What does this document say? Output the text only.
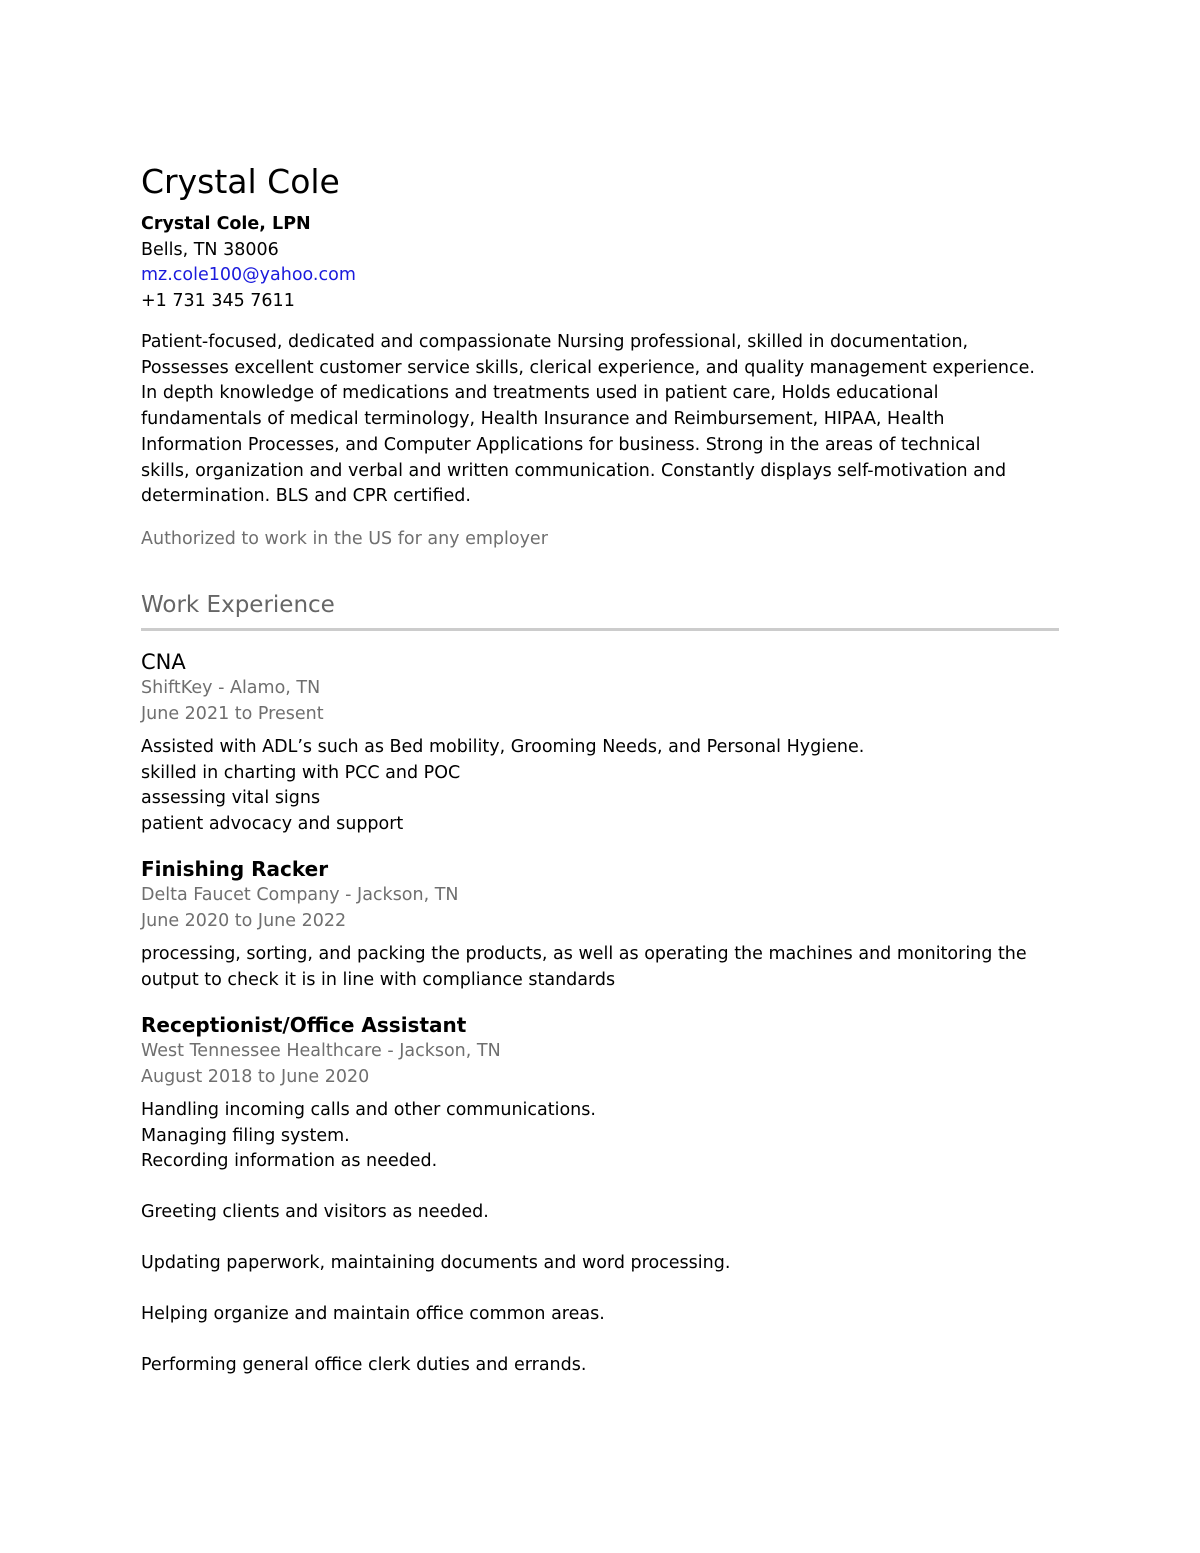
Crystal Cole
Crystal Cole, LPN
Bells, TN 38006
mz.cole100@yahoo.com
+1 731 345 7611
Patient-focused, dedicated and compassionate Nursing professional, skilled in documentation,
Possesses excellent customer service skills, clerical experience, and quality management experience.
In depth knowledge of medications and treatments used in patient care, Holds educational
fundamentals of medical terminology, Health Insurance and Reimbursement, HIPAA, Health
Information Processes, and Computer Applications for business. Strong in the areas of technical
skills, organization and verbal and written communication. Constantly displays self-motivation and
determination. BLS and CPR certified.
Authorized to work in the US for any employer
Work Experience
CNA
ShiftKey - Alamo, TN
June 2021 to Present
Assisted with ADL’s such as Bed mobility, Grooming Needs, and Personal Hygiene.
skilled in charting with PCC and POC
assessing vital signs
patient advocacy and support
Finishing Racker
Delta Faucet Company - Jackson, TN
June 2020 to June 2022
processing, sorting, and packing the products, as well as operating the machines and monitoring the
output to check it is in line with compliance standards
Receptionist/Office Assistant
West Tennessee Healthcare - Jackson, TN
August 2018 to June 2020
Handling incoming calls and other communications.
Managing filing system.
Recording information as needed.

Greeting clients and visitors as needed.

Updating paperwork, maintaining documents and word processing.

Helping organize and maintain office common areas.

Performing general office clerk duties and errands.
